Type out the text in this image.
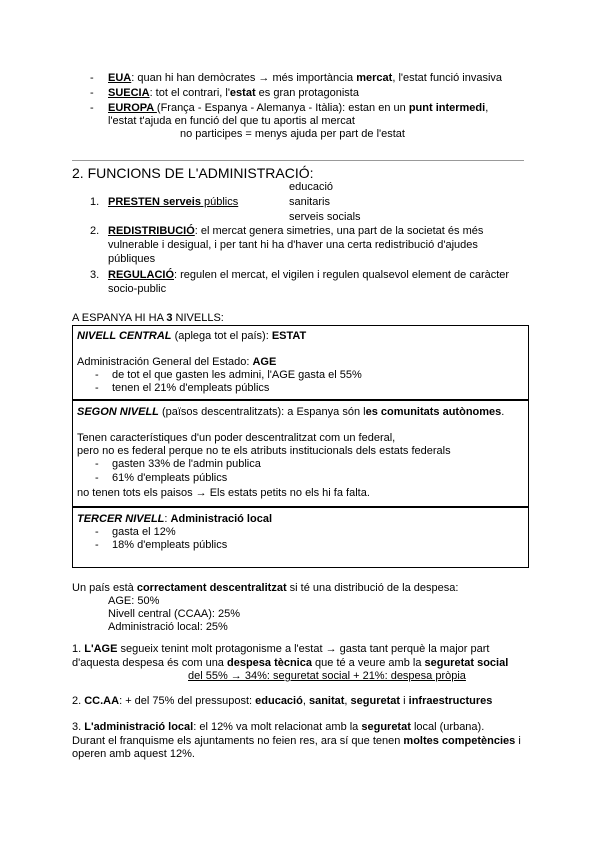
- EUA: quan hi han demòcrates → més importància mercat, l'estat funció invasiva
- SUECIA: tot el contrari, l'estat es gran protagonista
- EUROPA (França - Espanya - Alemanya - Itàlia): estan en un punt intermedi,
l'estat t'ajuda en funció del que tu aportis al mercat
no participes = menys ajuda per part de l'estat
2. FUNCIONS DE L'ADMINISTRACIÓ:
educació
1. PRESTEN serveis públics	sanitaris
serveis socials
2. REDISTRIBUCIÓ: el mercat genera simetries, una part de la societat és més
vulnerable i desigual, i per tant hi ha d'haver una certa redistribució d'ajudes
públiques
3. REGULACIÓ: regulen el mercat, el vigilen i regulen qualsevol element de caràcter
socio-public
A ESPANYA HI HA 3 NIVELLS:
NIVELL CENTRAL (aplega tot el país): ESTAT
Administración General del Estado: AGE
- de tot el que gasten les admini, l'AGE gasta el 55%
- tenen el 21% d'empleats públics
SEGON NIVELL (països descentralitzats): a Espanya són les comunitats autònomes.
Tenen característiques d'un poder descentralitzat com un federal,
pero no es federal perque no te els atributs institucionals dels estats federals
- gasten 33% de l'admin publica
- 61% d'empleats públics
no tenen tots els paisos → Els estats petits no els hi fa falta.
TERCER NIVELL: Administració local
- gasta el 12%
- 18% d'empleats públics
Un país està correctament descentralitzat si té una distribució de la despesa:
AGE: 50%
Nivell central (CCAA): 25%
Administració local: 25%
1. L'AGE segueix tenint molt protagonisme a l'estat → gasta tant perquè la major part
d'aquesta despesa és com una despesa tècnica que té a veure amb la seguretat social
del 55% → 34%: seguretat social + 21%: despesa pròpia
2. CC.AA: + del 75% del pressupost: educació, sanitat, seguretat i infraestructures
3. L'administració local: el 12% va molt relacionat amb la seguretat local (urbana).
Durant el franquisme els ajuntaments no feien res, ara sí que tenen moltes competències i
operen amb aquest 12%.
